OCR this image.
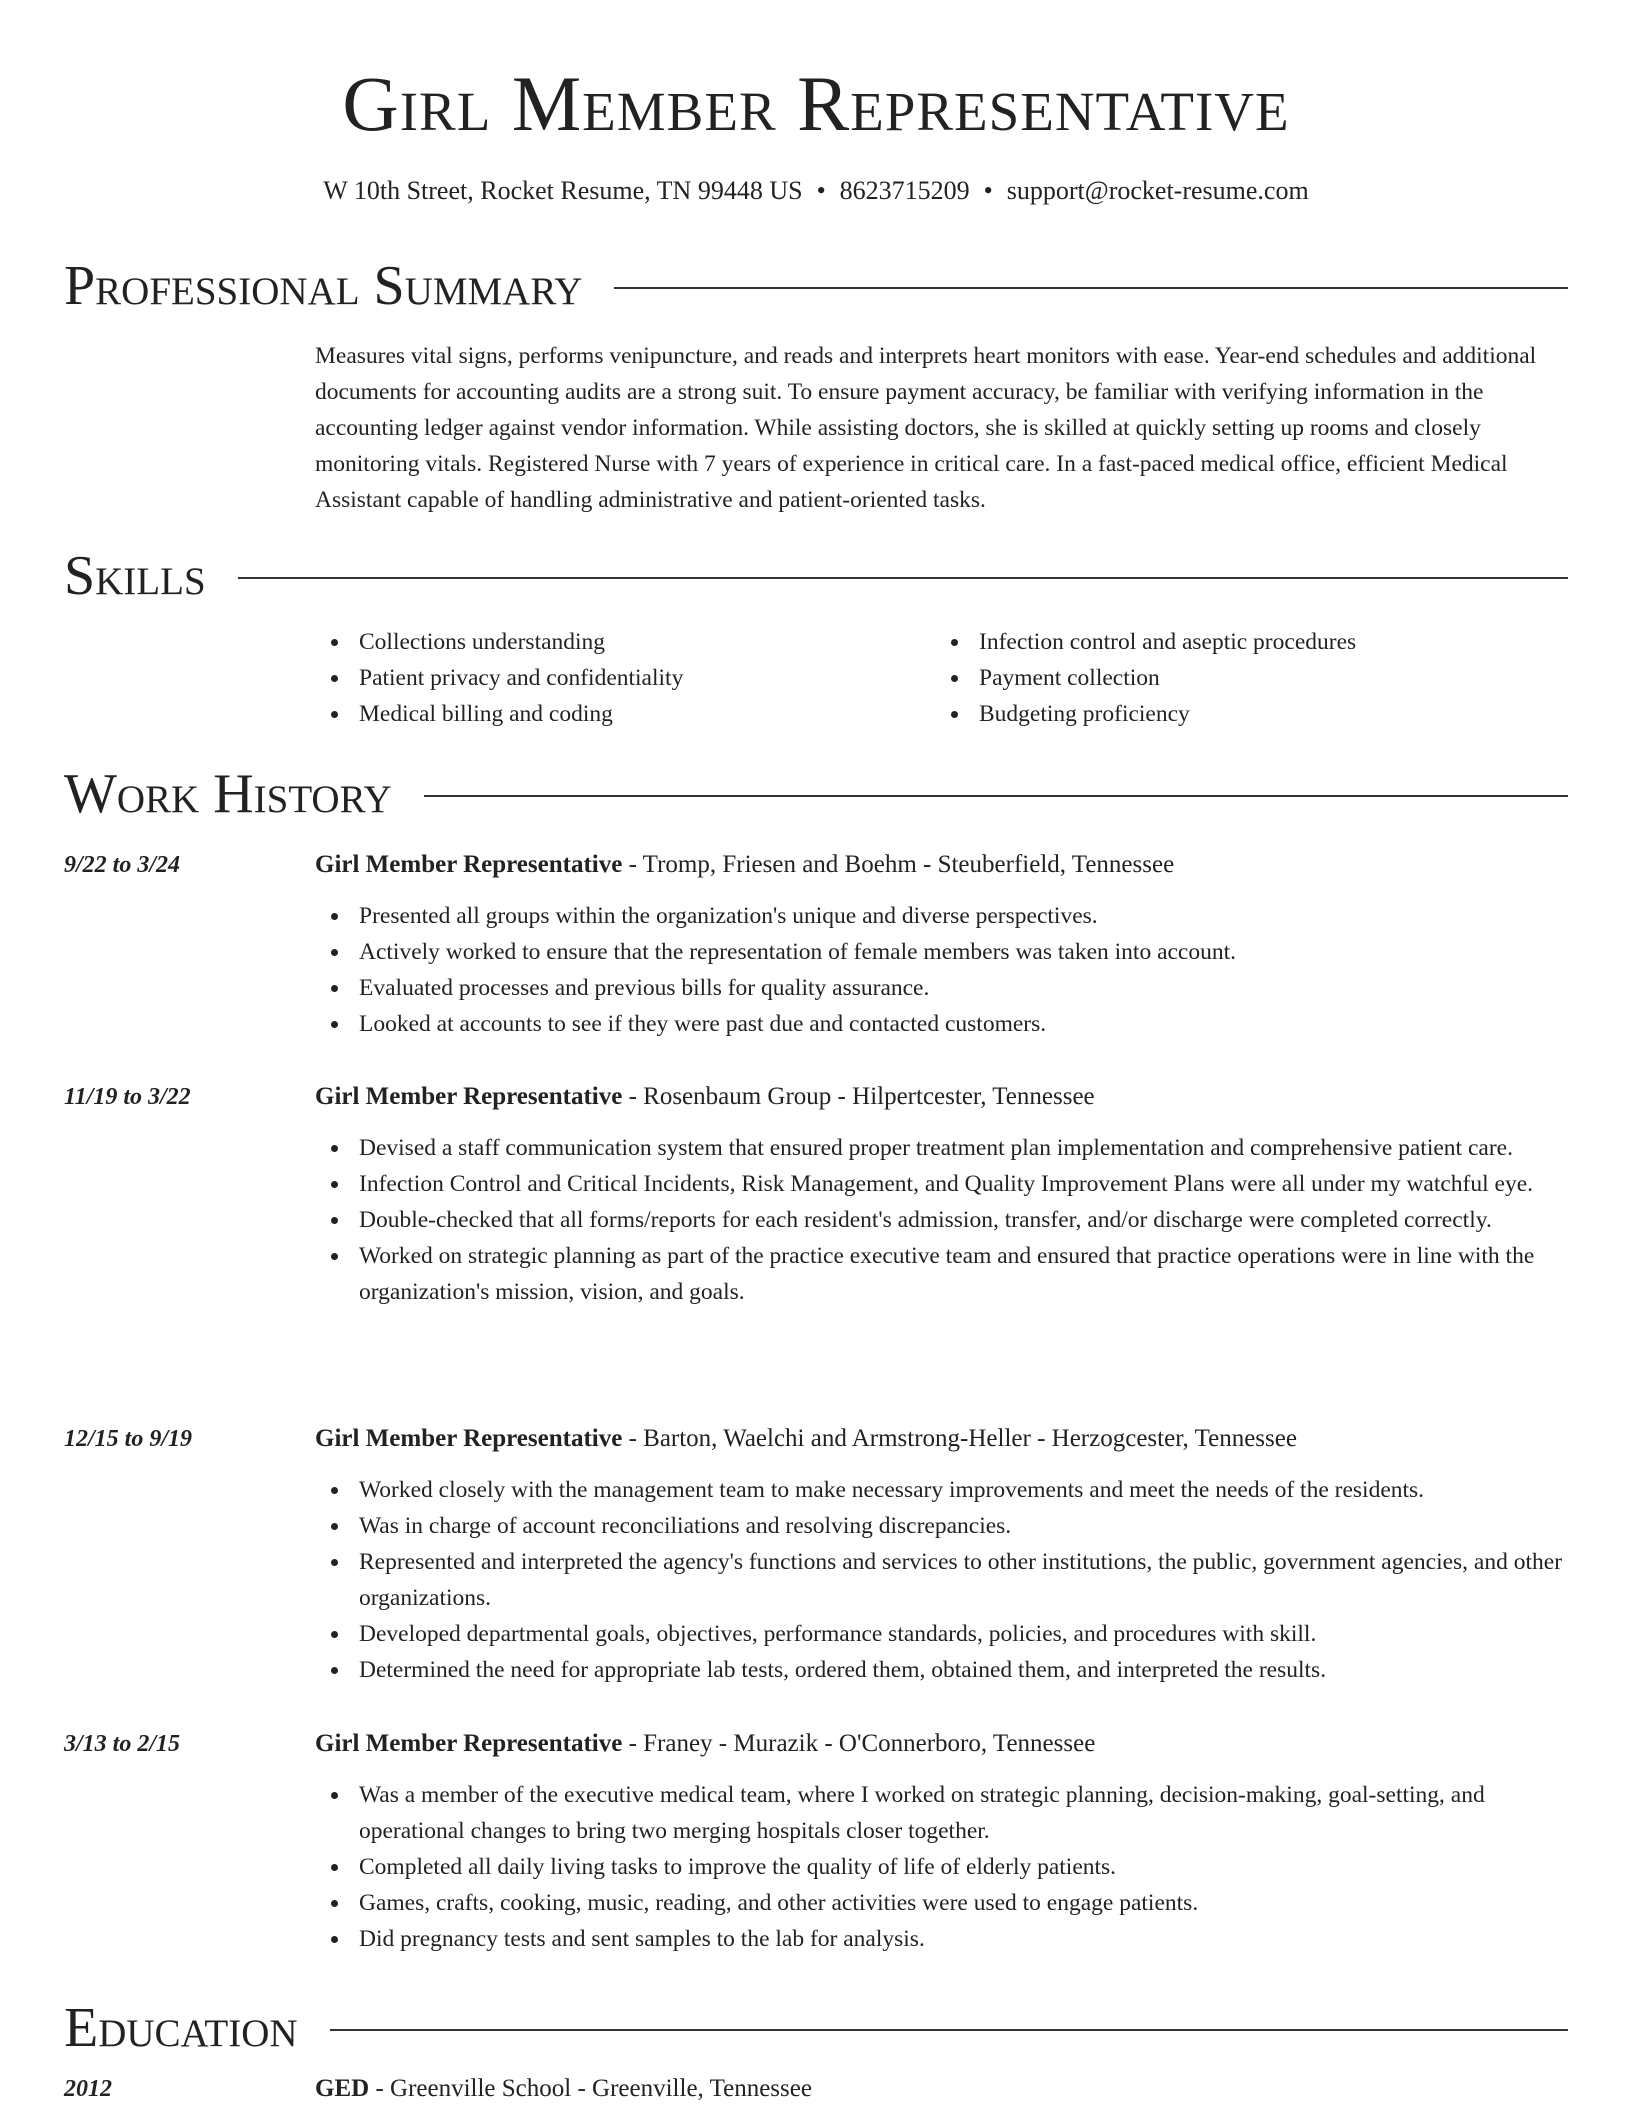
Girl Member Representative
W 10th Street, Rocket Resume, TN 99448 US • 8623715209 • support@rocket-resume.com
Professional Summary
Measures vital signs, performs venipuncture, and reads and interprets heart monitors with ease. Year-end schedules and additional documents for accounting audits are a strong suit. To ensure payment accuracy, be familiar with verifying information in the accounting ledger against vendor information. While assisting doctors, she is skilled at quickly setting up rooms and closely monitoring vitals. Registered Nurse with 7 years of experience in critical care. In a fast-paced medical office, efficient Medical Assistant capable of handling administrative and patient-oriented tasks.
Skills
Collections understanding
Patient privacy and confidentiality
Medical billing and coding
Infection control and aseptic procedures
Payment collection
Budgeting proficiency
Work History
9/22 to 3/24	Girl Member Representative - Tromp, Friesen and Boehm - Steuberfield, Tennessee
Presented all groups within the organization's unique and diverse perspectives.
Actively worked to ensure that the representation of female members was taken into account.
Evaluated processes and previous bills for quality assurance.
Looked at accounts to see if they were past due and contacted customers.
11/19 to 3/22	Girl Member Representative - Rosenbaum Group - Hilpertcester, Tennessee
Devised a staff communication system that ensured proper treatment plan implementation and comprehensive patient care.
Infection Control and Critical Incidents, Risk Management, and Quality Improvement Plans were all under my watchful eye.
Double-checked that all forms/reports for each resident's admission, transfer, and/or discharge were completed correctly.
Worked on strategic planning as part of the practice executive team and ensured that practice operations were in line with the organization's mission, vision, and goals.
12/15 to 9/19	Girl Member Representative - Barton, Waelchi and Armstrong-Heller - Herzogcester, Tennessee
Worked closely with the management team to make necessary improvements and meet the needs of the residents.
Was in charge of account reconciliations and resolving discrepancies.
Represented and interpreted the agency's functions and services to other institutions, the public, government agencies, and other organizations.
Developed departmental goals, objectives, performance standards, policies, and procedures with skill.
Determined the need for appropriate lab tests, ordered them, obtained them, and interpreted the results.
3/13 to 2/15	Girl Member Representative - Franey - Murazik - O'Connerboro, Tennessee
Was a member of the executive medical team, where I worked on strategic planning, decision-making, goal-setting, and operational changes to bring two merging hospitals closer together.
Completed all daily living tasks to improve the quality of life of elderly patients.
Games, crafts, cooking, music, reading, and other activities were used to engage patients.
Did pregnancy tests and sent samples to the lab for analysis.
Education
2012	GED - Greenville School - Greenville, Tennessee
